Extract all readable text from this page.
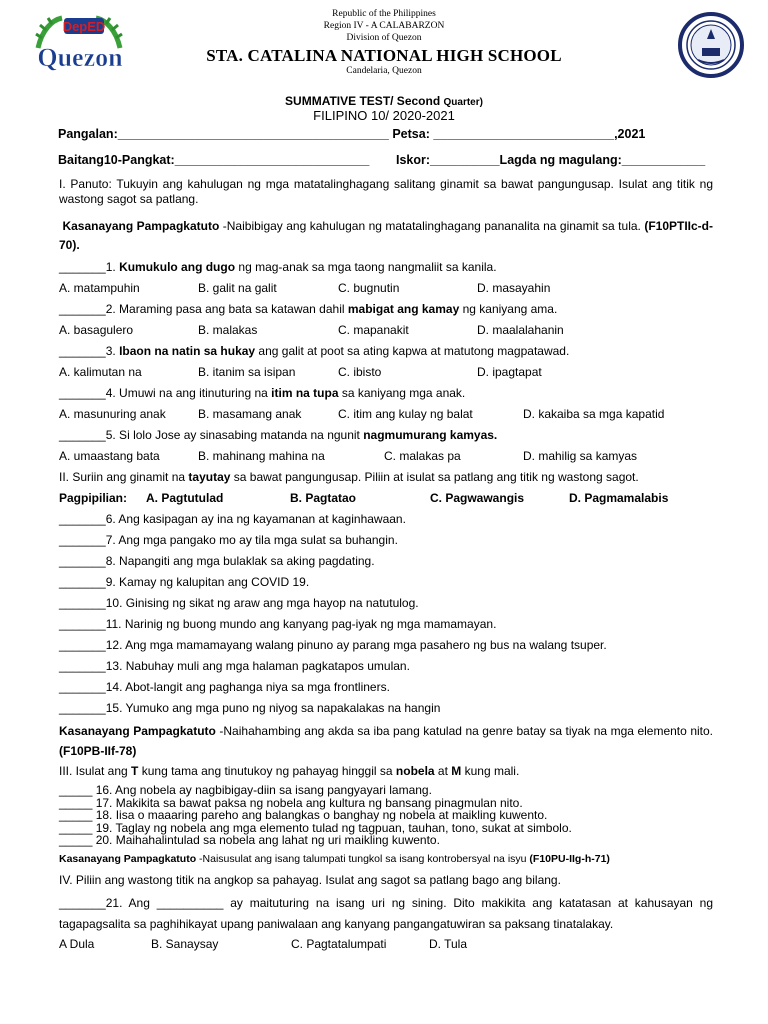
DepED
Quezon
Republic of the Philippines
Region IV - A CALABARZON
Division of Quezon
STA. CATALINA NATIONAL HIGH SCHOOL
Candelaria, Quezon
SUMMATIVE TEST/ Second Quarter)
FILIPINO 10/ 2020-2021
Pangalan:_______________________________________ Petsa: __________________________,2021
Baitang10-Pangkat:____________________________ Iskor:__________Lagda ng magulang:____________
I. Panuto: Tukuyin ang kahulugan ng mga matatalinghagang salitang ginamit sa bawat pangungusap. Isulat ang titik ng wastong sagot sa patlang.
Kasanayang Pampagkatuto -Naibibigay ang kahulugan ng matatalinghagang pananalita na ginamit sa tula. (F10PTIIc-d-70).
_______1. Kumukulo ang dugo ng mag-anak sa mga taong nangmaliit sa kanila.
A. matampuhin	B. galit na galit	C. bugnutin	D. masayahin
_______2. Maraming pasa ang bata sa katawan dahil mabigat ang kamay ng kaniyang ama.
A. basagulero	B. malakas	C. mapanakit	D. maalalahanin
_______3. Ibaon na natin sa hukay ang galit at poot sa ating kapwa at matutong magpatawad.
A. kalimutan na	B. itanim sa isipan	C. ibisto	D. ipagtapat
_______4. Umuwi na ang itinuturing na itim na tupa sa kaniyang mga anak.
A. masunuring anak	B. masamang anak	C. itim ang kulay ng balat	D. kakaiba sa mga kapatid
_______5. Si lolo Jose ay sinasabing matanda na ngunit nagmumurang kamyas.
A. umaastang bata	B. mahinang mahina na	C. malakas pa	D. mahilig sa kamyas
II. Suriin ang ginamit na tayutay sa bawat pangungusap. Piliin at isulat sa patlang ang titik ng wastong sagot.
Pagpipilian: A. Pagtutulad	B. Pagtatao	C. Pagwawangis	D. Pagmamalabis
_______6. Ang kasipagan ay ina ng kayamanan at kaginhawaan.
_______7. Ang mga pangako mo ay tila mga sulat sa buhangin.
_______8. Napangiti ang mga bulaklak sa aking pagdating.
_______9. Kamay ng kalupitan ang COVID 19.
_______10. Ginising ng sikat ng araw ang mga hayop na natutulog.
_______11. Narinig ng buong mundo ang kanyang pag-iyak ng mga mamamayan.
_______12. Ang mga mamamayang walang pinuno ay parang mga pasahero ng bus na walang tsuper.
_______13. Nabuhay muli ang mga halaman pagkatapos umulan.
_______14. Abot-langit ang paghanga niya sa mga frontliners.
_______15. Yumuko ang mga puno ng niyog sa napakalakas na hangin
Kasanayang Pampagkatuto -Naihahambing ang akda sa iba pang katulad na genre batay sa tiyak na mga elemento nito. (F10PB-IIf-78)
III. Isulat ang T kung tama ang tinutukoy ng pahayag hinggil sa nobela at M kung mali.
_____ 16. Ang nobela ay nagbibigay-diin sa isang pangyayari lamang.
_____ 17. Makikita sa bawat paksa ng nobela ang kultura ng bansang pinagmulan nito.
_____ 18. Iisa o maaaring pareho ang balangkas o banghay ng nobela at maikling kuwento.
_____ 19. Taglay ng nobela ang mga elemento tulad ng tagpuan, tauhan, tono, sukat at simbolo.
_____ 20. Maihahalintulad sa nobela ang lahat ng uri maikling kuwento.
Kasanayang Pampagkatuto -Naisusulat ang isang talumpati tungkol sa isang kontrobersyal na isyu (F10PU-IIg-h-71)
IV. Piliin ang wastong titik na angkop sa pahayag. Isulat ang sagot sa patlang bago ang bilang.
_______21. Ang __________ ay maituturing na isang uri ng sining. Dito makikita ang katatasan at kahusayan ng tagapagsalita sa paghihikayat upang paniwalaan ang kanyang pangangatuwiran sa paksang tinatalakay.
A Dula	B. Sanaysay	C. Pagtatalumpati	D. Tula
